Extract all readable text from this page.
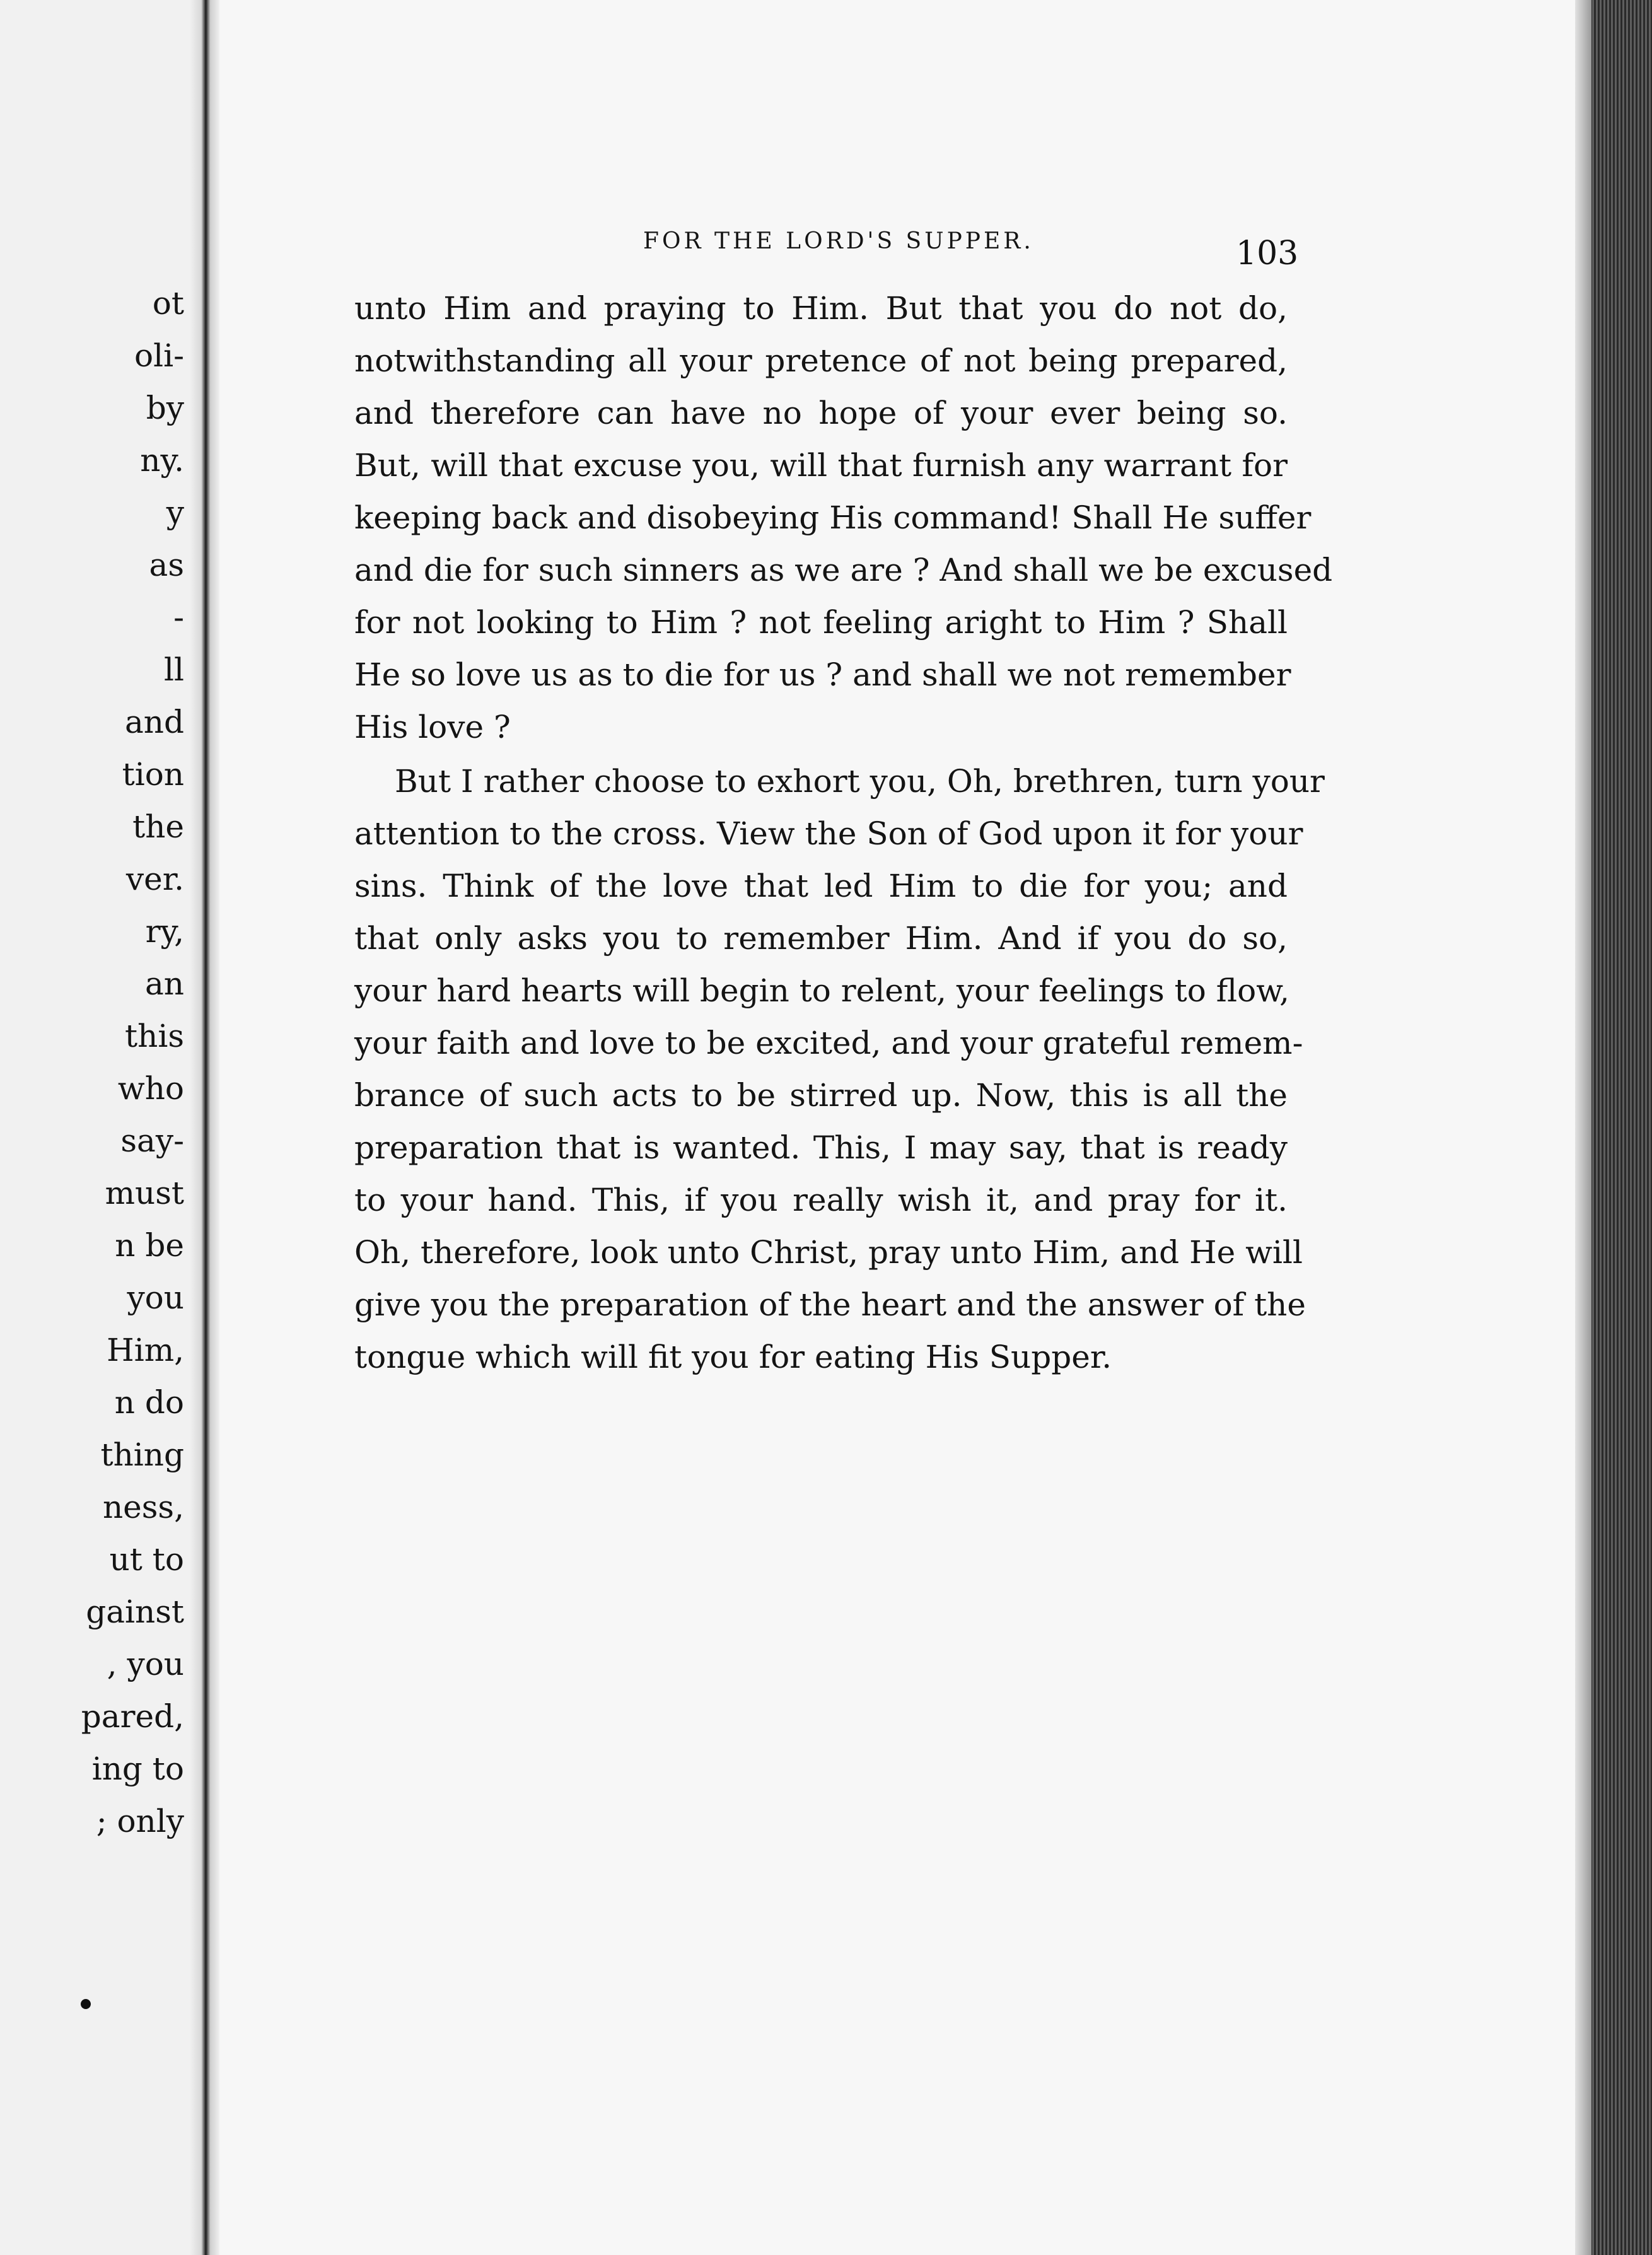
ot
oli-
by
ny.
y
as
-
ll
and
tion
the
ver.
ry,
an
this
who
say-
must
n be
you
Him,
n do
thing
ness,
ut to
gainst
, you
pared,
ing to
; only
FOR THE LORD'S SUPPER.	103
unto Him and praying to Him. But that you do not do,
notwithstanding all your pretence of not being prepared,
and therefore can have no hope of your ever being so.
But, will that excuse you, will that furnish any warrant for
keeping back and disobeying His command! Shall He suffer
and die for such sinners as we are ? And shall we be excused
for not looking to Him ? not feeling aright to Him ? Shall
He so love us as to die for us ? and shall we not remember
His love ?
But I rather choose to exhort you, Oh, brethren, turn your
attention to the cross. View the Son of God upon it for your
sins. Think of the love that led Him to die for you; and
that only asks you to remember Him. And if you do so,
your hard hearts will begin to relent, your feelings to flow,
your faith and love to be excited, and your grateful remem-
brance of such acts to be stirred up. Now, this is all the
preparation that is wanted. This, I may say, that is ready
to your hand. This, if you really wish it, and pray for it.
Oh, therefore, look unto Christ, pray unto Him, and He will
give you the preparation of the heart and the answer of the
tongue which will fit you for eating His Supper.
